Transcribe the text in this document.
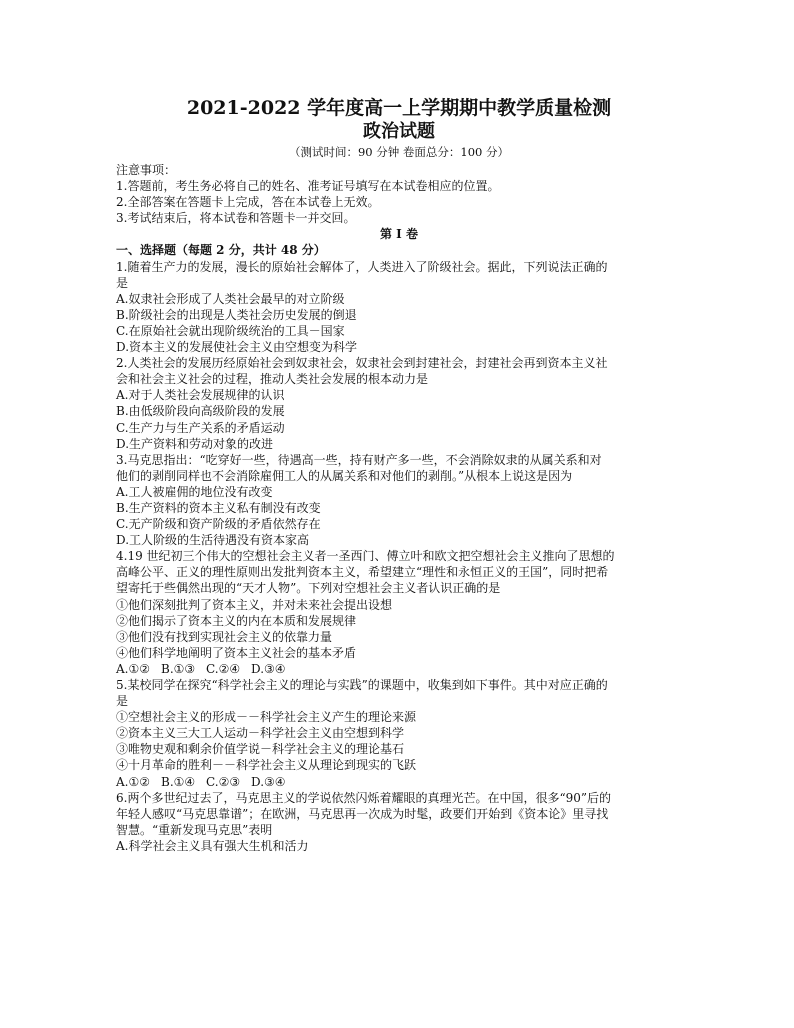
2021-2022 学年度高一上学期期中教学质量检测

政治试题

（测试时间：90 分钟 卷面总分：100 分）

注意事项：

1.答题前，考生务必将自己的姓名、准考证号填写在本试卷相应的位置。

2.全部答案在答题卡上完成，答在本试卷上无效。

3.考试结束后，将本试卷和答题卡一并交回。

第 I 卷

一、选择题（每题 2 分，共计 48 分）

1.随着生产力的发展，漫长的原始社会解体了，人类进入了阶级社会。据此，下列说法正确的

是

A.奴隶社会形成了人类社会最早的对立阶级

B.阶级社会的出现是人类社会历史发展的倒退

C.在原始社会就出现阶级统治的工具－国家

D.资本主义的发展使社会主义由空想变为科学

2.人类社会的发展历经原始社会到奴隶社会，奴隶社会到封建社会，封建社会再到资本主义社

会和社会主义社会的过程，推动人类社会发展的根本动力是

A.对于人类社会发展规律的认识

B.由低级阶段向高级阶段的发展

C.生产力与生产关系的矛盾运动

D.生产资料和劳动对象的改进

3.马克思指出：“吃穿好一些，待遇高一些，持有财产多一些，不会消除奴隶的从属关系和对

他们的剥削同样也不会消除雇佣工人的从属关系和对他们的剥削。”从根本上说这是因为

A.工人被雇佣的地位没有改变

B.生产资料的资本主义私有制没有改变

C.无产阶级和资产阶级的矛盾依然存在

D.工人阶级的生活待遇没有资本家高

4.19 世纪初三个伟大的空想社会主义者一圣西门、傅立叶和欧文把空想社会主义推向了思想的

高峰公平、正义的理性原则出发批判资本主义，希望建立“理性和永恒正义的王国”，同时把希

望寄托于些偶然出现的“天才人物”。下列对空想社会主义者认识正确的是

①他们深刻批判了资本主义，并对未来社会提出设想

②他们揭示了资本主义的内在本质和发展规律

③他们没有找到实现社会主义的依靠力量

④他们科学地阐明了资本主义社会的基本矛盾

A.①② B.①③ C.②④ D.③④

5.某校同学在探究“科学社会主义的理论与实践”的课题中，收集到如下事件。其中对应正确的

是

①空想社会主义的形成－－科学社会主义产生的理论来源

②资本主义三大工人运动－科学社会主义由空想到科学

③唯物史观和剩余价值学说－科学社会主义的理论基石

④十月革命的胜利－－科学社会主义从理论到现实的飞跃

A.①② B.①④ C.②③ D.③④

6.两个多世纪过去了，马克思主义的学说依然闪烁着耀眼的真理光芒。在中国，很多“90”后的

年轻人感叹“马克思靠谱”；在欧洲，马克思再一次成为时髦，政要们开始到《资本论》里寻找

智慧。“重新发现马克思”表明

A.科学社会主义具有强大生机和活力
